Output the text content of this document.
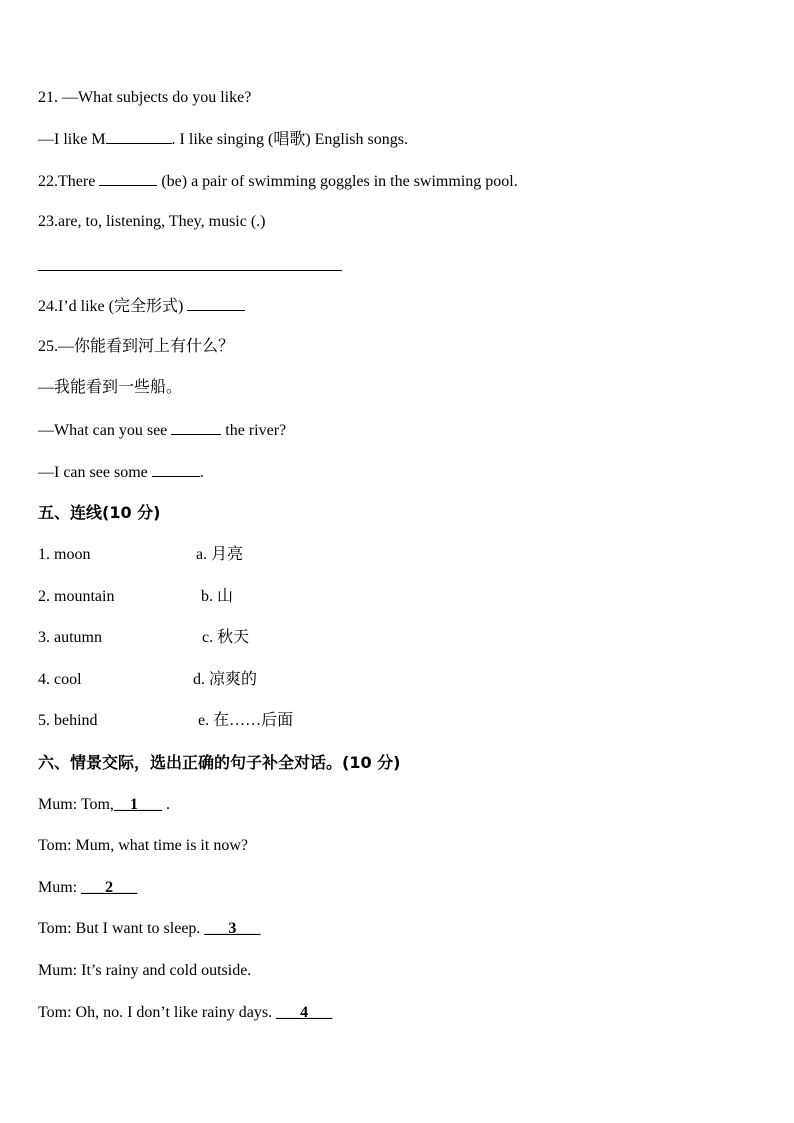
21. —What subjects do you like?
—I like M	. I like singing (唱歌) English songs.
22.There	(be) a pair of swimming goggles in the swimming pool.
23.are, to, listening, They, music (.)
24.I’d like (完全形式)
25.—你能看到河上有什么？
—我能看到一些船。
—What can you see	the river?
—I can see some	.
五、连线(10 分)
1. moon	a. 月亮
2. mountain	b. 山
3. autumn	c. 秋天
4. cool	d. 凉爽的
5. behind	e. 在……后面
六、情景交际，选出正确的句子补全对话。(10 分)
Mum: Tom,__1___ .
Tom: Mum, what time is it now?
Mum: ___2___
Tom: But I want to sleep. ___3___
Mum: It’s rainy and cold outside.
Tom: Oh, no. I don’t like rainy days. ___4___
